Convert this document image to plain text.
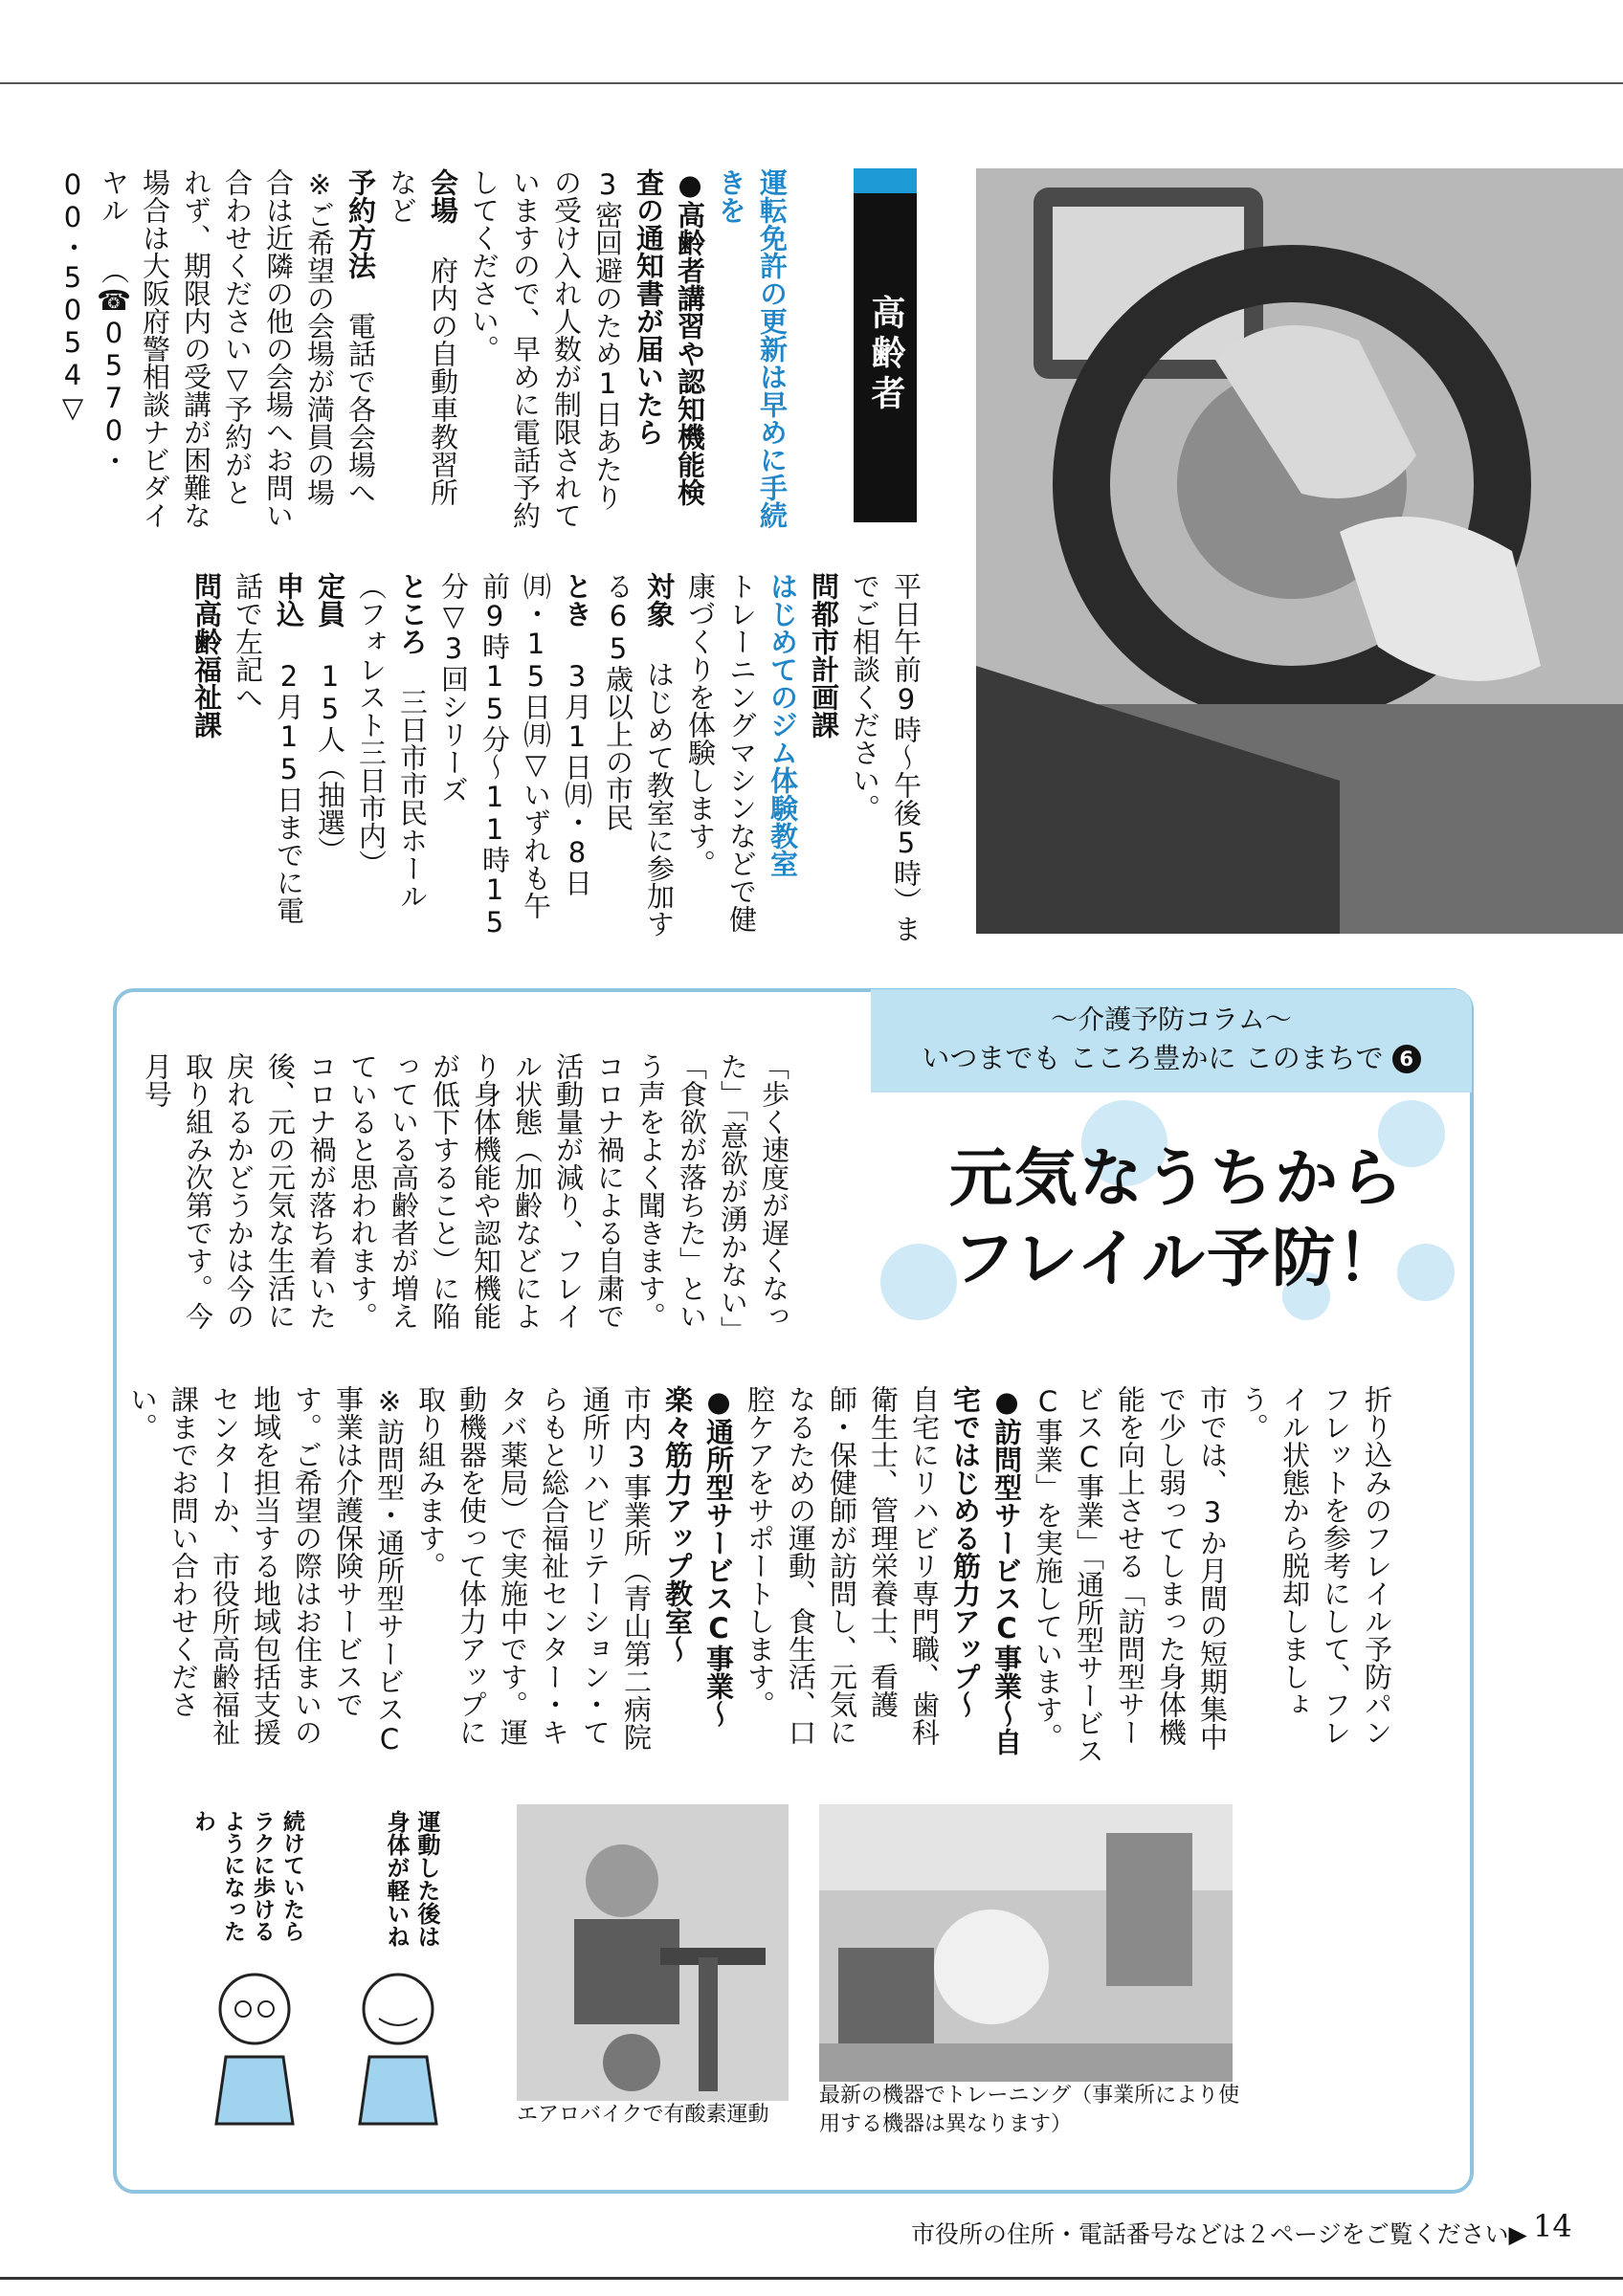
高齢者
運転免許の更新は早めに手続きを
●高齢者講習や認知機能検査の通知書が届いたら
3密回避のため1日あたりの受け入れ人数が制限されていますので、早めに電話予約してください。
会場 府内の自動車教習所など
予約方法 電話で各会場へ ※ご希望の会場が満員の場合は近隣の他の会場へお問い合わせください▽予約がとれず、期限内の受講が困難な場合は大阪府警相談ナビダイヤル （☎0570・00・5054▽
平日午前9時～午後5時）までご相談ください。
問都市計画課
はじめてのジム体験教室
トレーニングマシンなどで健康づくりを体験します。
対象 はじめて教室に参加する65歳以上の市民
とき 3月1日㈪・8日㈪・15日㈪▽いずれも午前9時15分～11時15分▽3回シリーズ
ところ 三日市市民ホール（フォレスト三日市内）
定員 15人（抽選）
申込 2月15日までに電話で左記へ
問高齢福祉課
～介護予防コラム～
いつまでも こころ豊かに このまちで 6
元気なうちから
フレイル予防！
「歩く速度が遅くなった」「意欲が湧かない」「食欲が落ちた」という声をよく聞きます。コロナ禍による自粛で活動量が減り、フレイル状態（加齢などにより身体機能や認知機能が低下すること）に陥っている高齢者が増えていると思われます。
コロナ禍が落ち着いた後、元の元気な生活に戻れるかどうかは今の取り組み次第です。今月号
折り込みのフレイル予防パンフレットを参考にして、フレイル状態から脱却しましょう。
市では、3か月間の短期集中で少し弱ってしまった身体機能を向上させる「訪問型サービスC事業」「通所型サービスC事業」を実施しています。
●訪問型サービスC事業～自宅ではじめる筋力アップ～
自宅にリハビリ専門職、歯科衛生士、管理栄養士、看護師・保健師が訪問し、元気になるための運動、食生活、口腔ケアをサポートします。
●通所型サービスC事業～楽々筋力アップ教室～
市内3事業所（青山第二病院通所リハビリテーション・てらもと総合福祉センター・キタバ薬局）で実施中です。運動機器を使って体力アップに取り組みます。
※訪問型・通所型サービスC事業は介護保険サービスです。ご希望の際はお住まいの地域を担当する地域包括支援センターか、市役所高齢福祉課までお問い合わせください。
最新の機器でトレーニング（事業所により使用する機器は異なります）
エアロバイクで有酸素運動
運動した後は身体が軽いね
続けていたらラクに歩けるようになったわ
市役所の住所・電話番号などは２ページをご覧ください▶ 14
